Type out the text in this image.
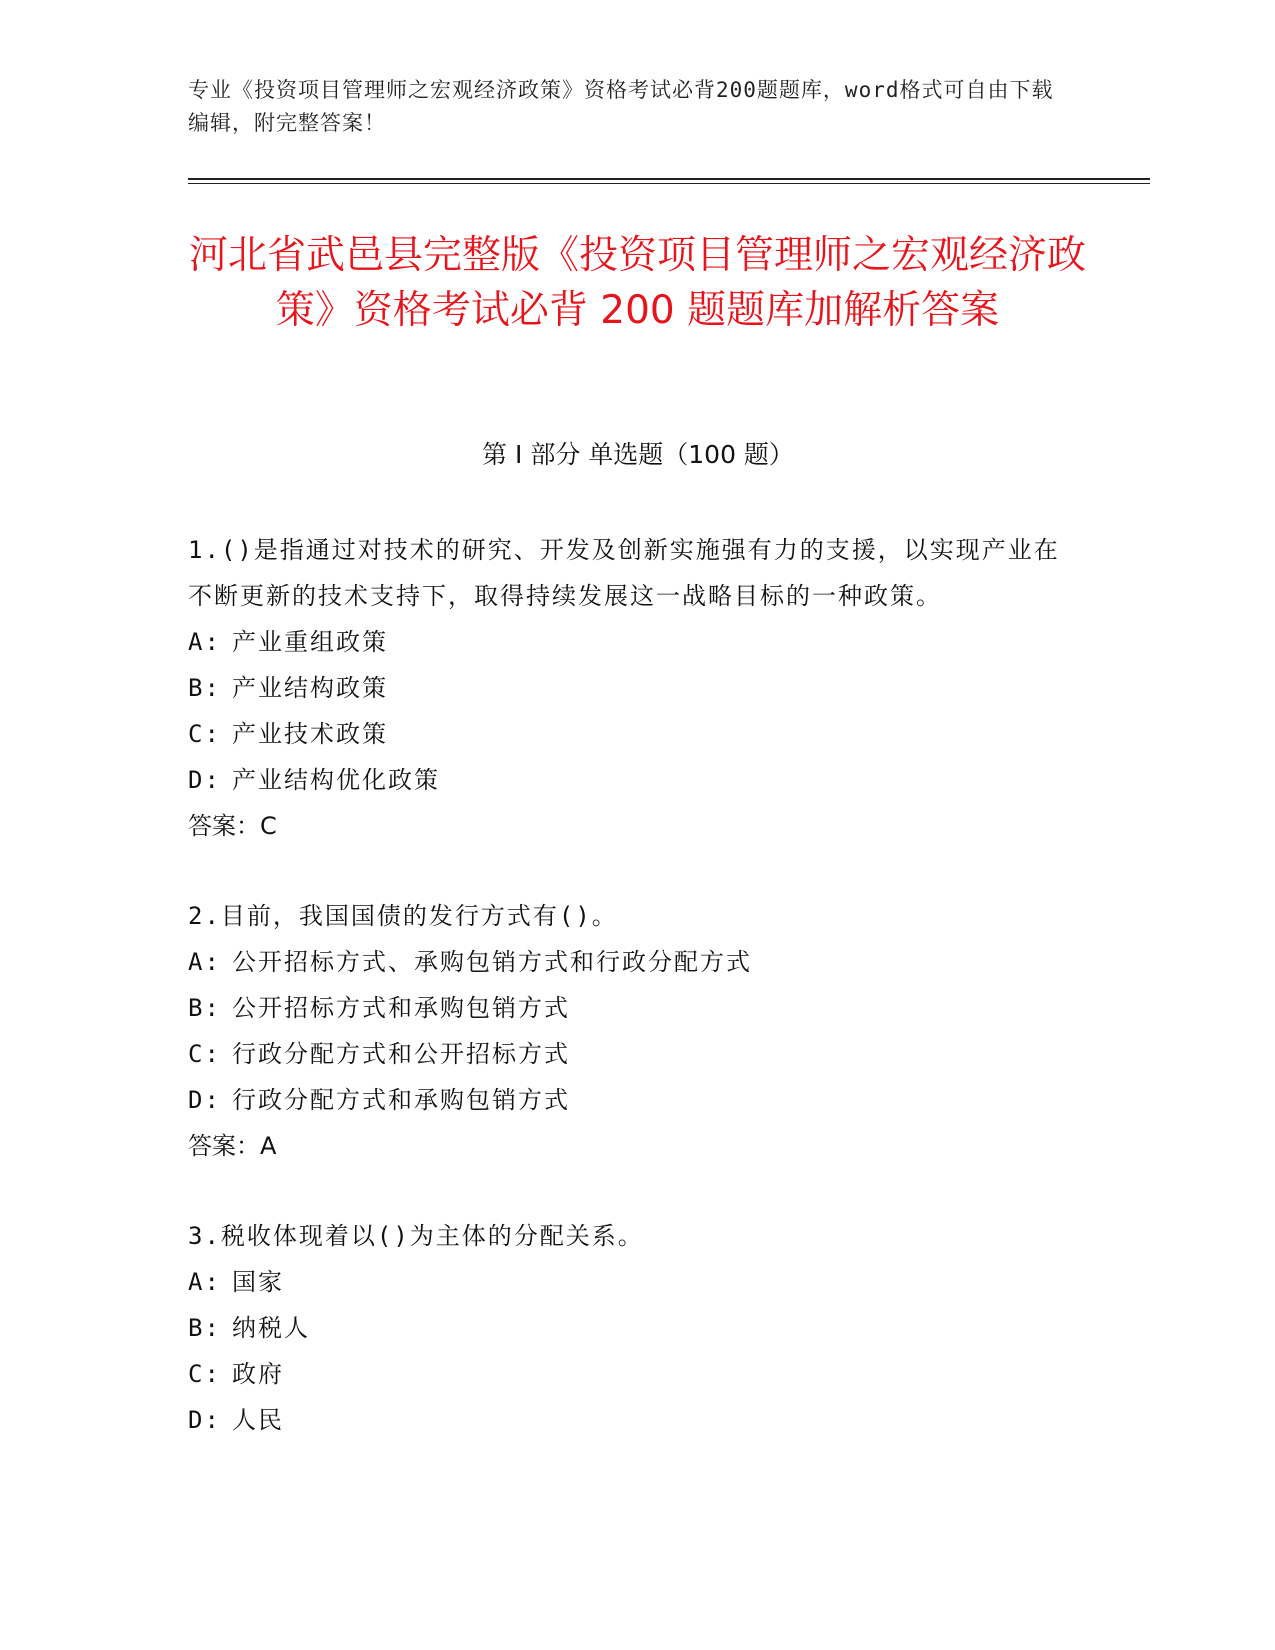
专业《投资项目管理师之宏观经济政策》资格考试必背200题题库，word格式可自由下载编辑，附完整答案！
河北省武邑县完整版《投资项目管理师之宏观经济政策》资格考试必背 200 题题库加解析答案
第 I 部分 单选题（100 题）
1.()是指通过对技术的研究、开发及创新实施强有力的支援，以实现产业在不断更新的技术支持下，取得持续发展这一战略目标的一种政策。
A: 产业重组政策
B: 产业结构政策
C: 产业技术政策
D: 产业结构优化政策
答案：C
2.目前，我国国债的发行方式有()。
A: 公开招标方式、承购包销方式和行政分配方式
B: 公开招标方式和承购包销方式
C: 行政分配方式和公开招标方式
D: 行政分配方式和承购包销方式
答案：A
3.税收体现着以()为主体的分配关系。
A: 国家
B: 纳税人
C: 政府
D: 人民
